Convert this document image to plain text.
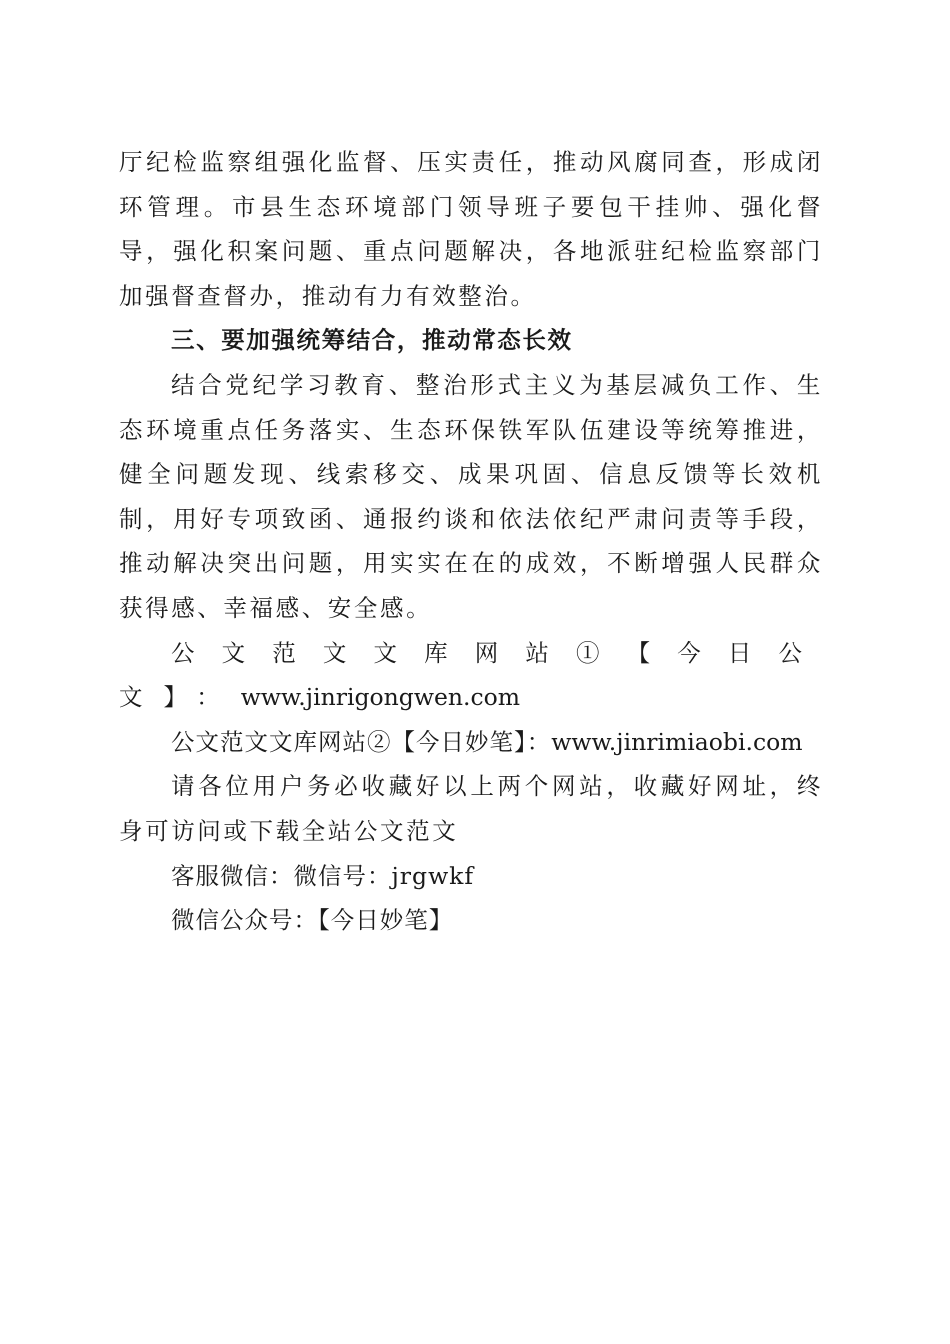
厅纪检监察组强化监督、压实责任，推动风腐同查，形成闭环管理。市县生态环境部门领导班子要包干挂帅、强化督导，强化积案问题、重点问题解决，各地派驻纪检监察部门加强督查督办，推动有力有效整治。

三、要加强统筹结合，推动常态长效

结合党纪学习教育、整治形式主义为基层减负工作、生态环境重点任务落实、生态环保铁军队伍建设等统筹推进，健全问题发现、线索移交、成果巩固、信息反馈等长效机制，用好专项致函、通报约谈和依法依纪严肃问责等手段，推动解决突出问题，用实实在在的成效，不断增强人民群众获得感、幸福感、安全感。

公文范文文库网站①【今日公文】：www.jinrigongwen.com

公文范文文库网站②【今日妙笔】：www.jinrimiaobi.com

请各位用户务必收藏好以上两个网站，收藏好网址，终身可访问或下载全站公文范文

客服微信：微信号：jrgwkf

微信公众号：【今日妙笔】
